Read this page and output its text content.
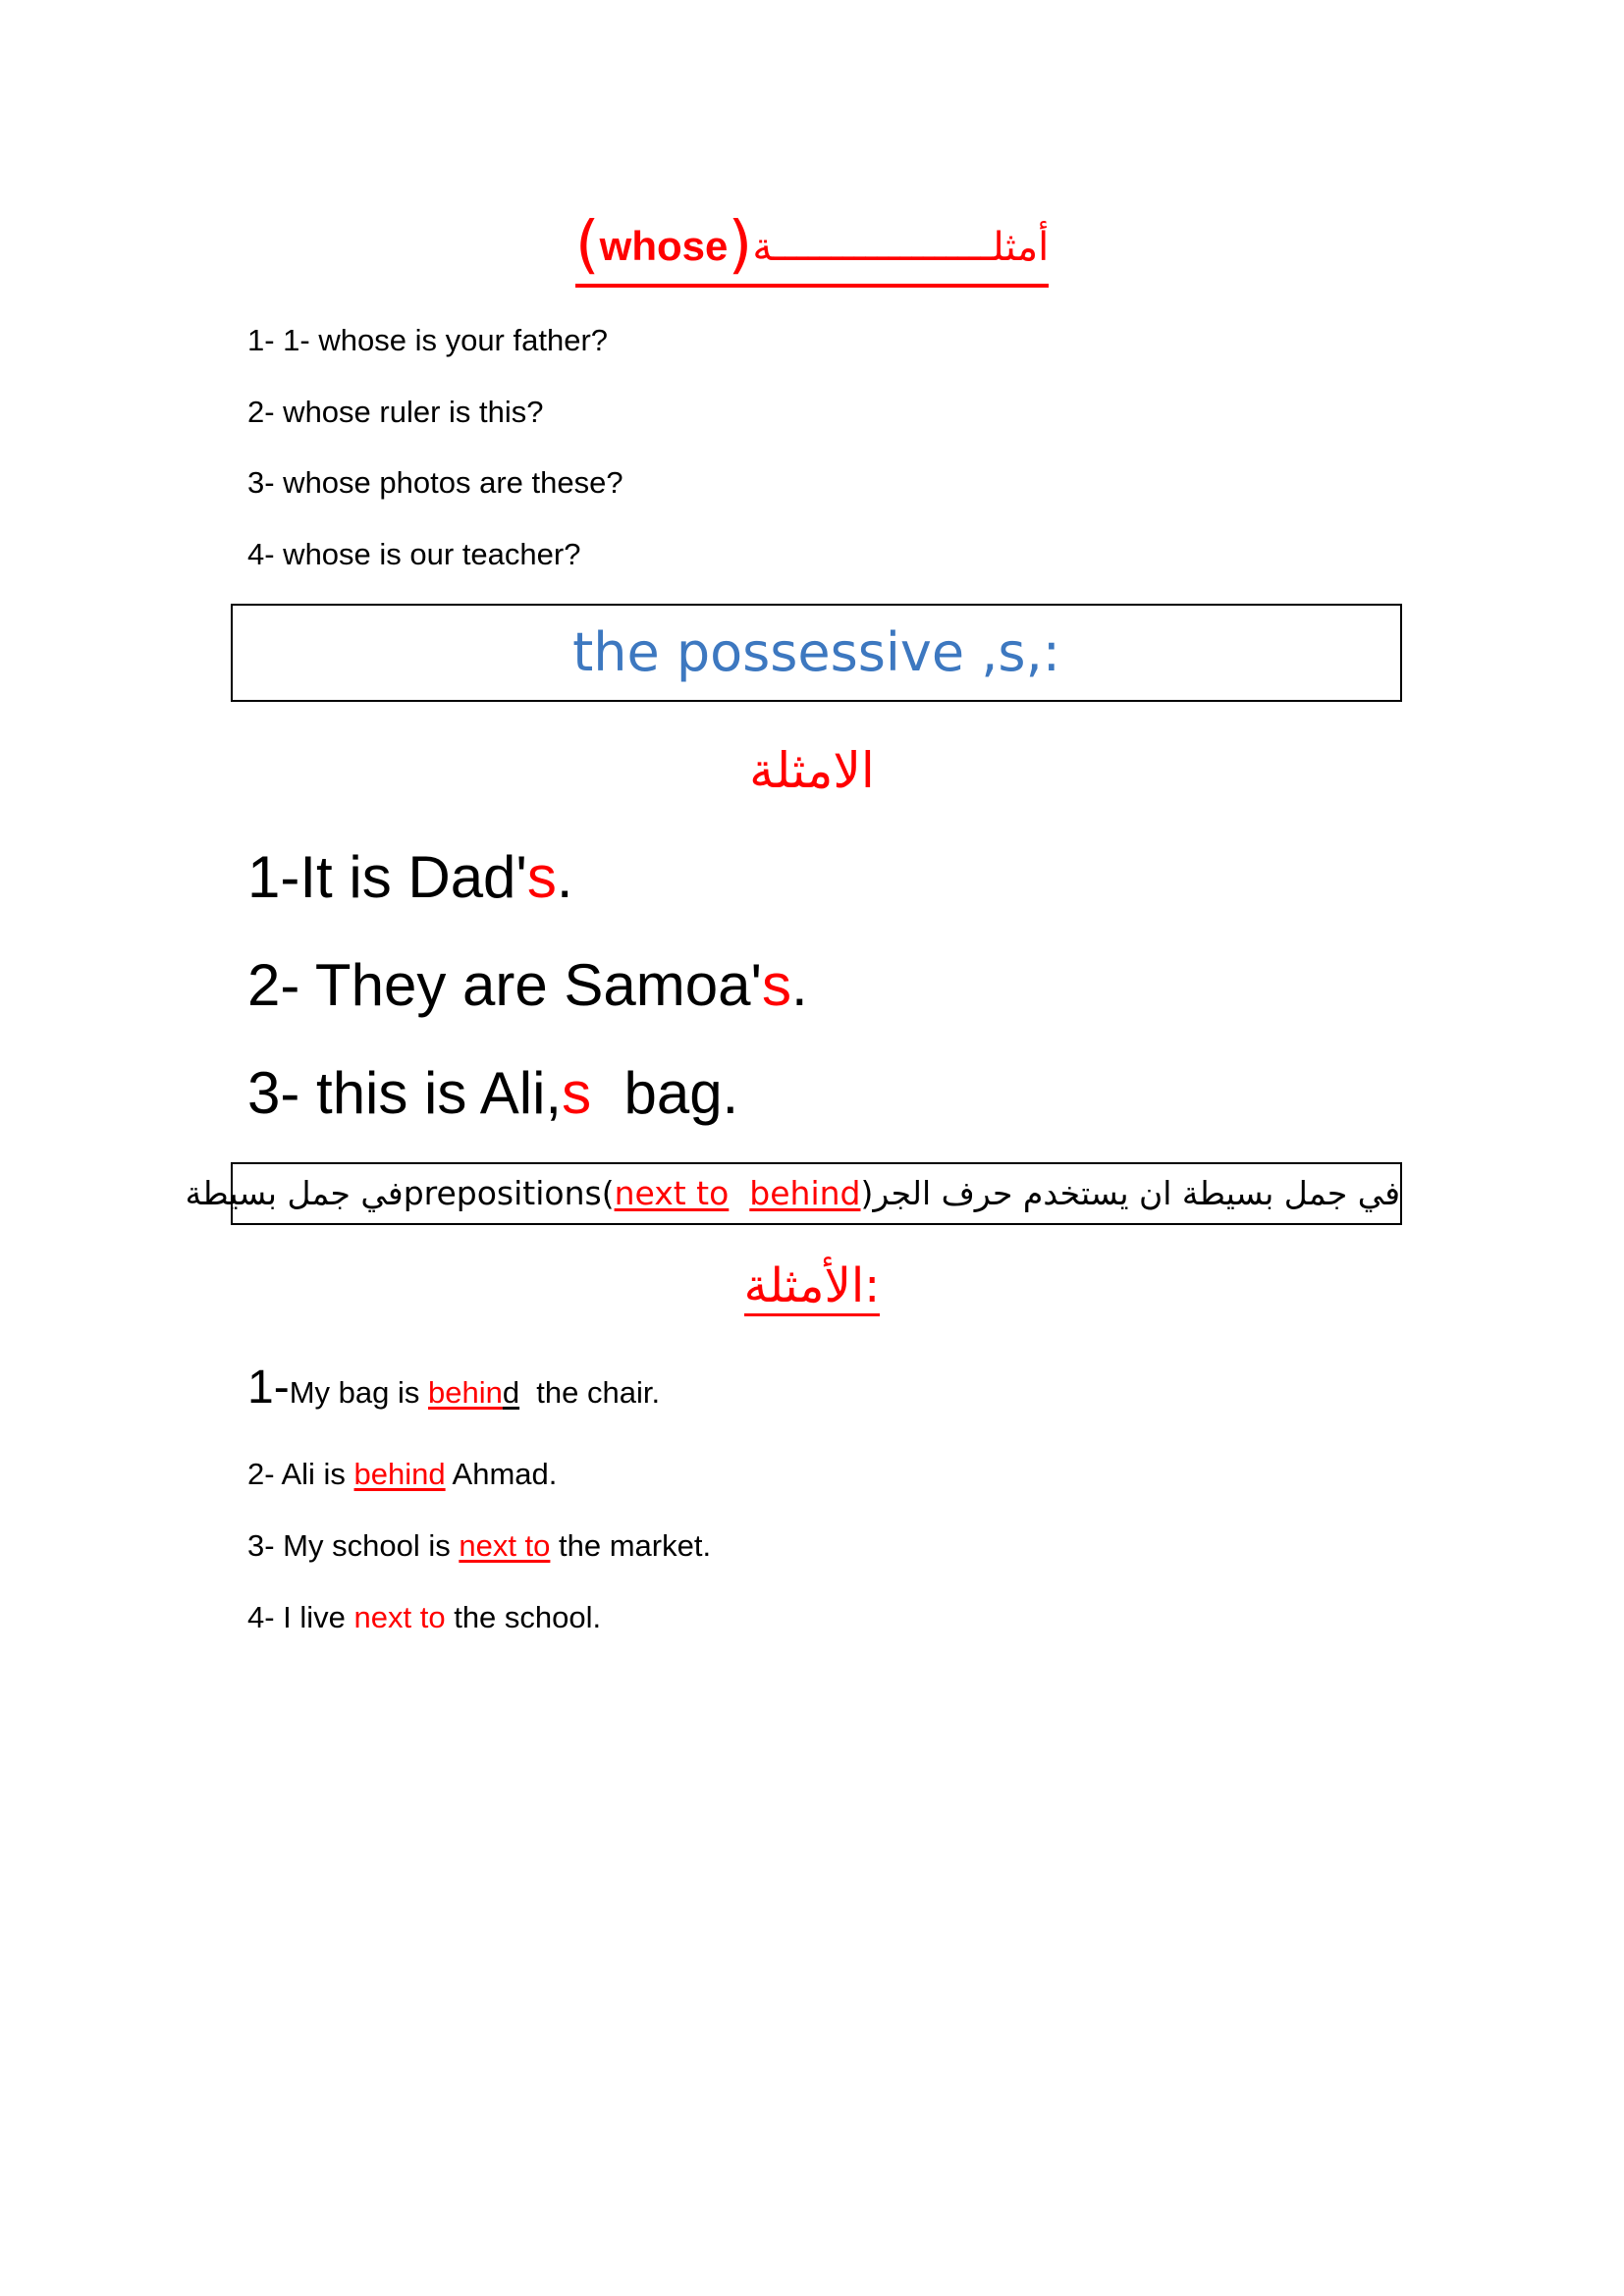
(whose)أمثلـــــــــــــــــــة
1- 1- whose is your father?
2- whose ruler is this?
3- whose photos are these?
4- whose is our teacher?
the possessive ,s,:
الامثلة
1-It is Dad's.
2- They are Samoa's.
3- this is Ali,s  bag.
في جمل بسيطة ان يستخدم حرف الجرprepositions(next to behind)في جمل بسيطة
:الأمثلة
1-My bag is behind  the chair.
2- Ali is behind Ahmad.
3- My school is next to the market.
4- I live next to the school.
